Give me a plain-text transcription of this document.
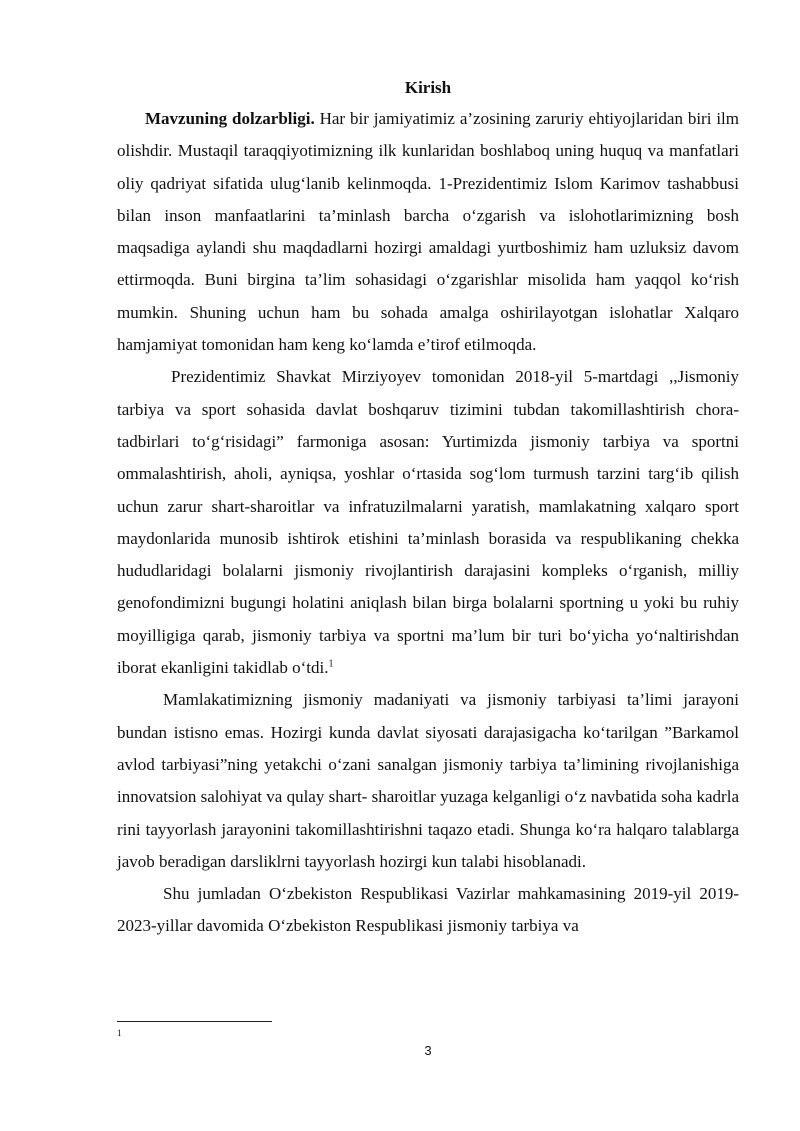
Kirish

Mavzuning dolzarbligi. Har bir jamiyatimiz a’zosining zaruriy ehtiyojlaridan biri ilm olishdir. Mustaqil taraqqiyotimizning ilk kunlaridan boshlaboq uning huquq va manfatlari oliy qadriyat sifatida ulug‘lanib kelinmoqda. 1-Prezidentimiz Islom Karimov tashabbusi bilan inson manfaatlarini ta’minlash barcha o‘zgarish va islohotlarimizning bosh maqsadiga aylandi shu maqdadlarni hozirgi amaldagi yurtboshimiz ham uzluksiz davom ettirmoqda. Buni birgina ta’lim sohasidagi o‘zgarishlar misolida ham yaqqol ko‘rish mumkin. Shuning uchun ham bu sohada amalga oshirilayotgan islohatlar Xalqaro hamjamiyat tomonidan ham keng ko‘lamda e’tirof etilmoqda.

Prezidentimiz Shavkat Mirziyoyev tomonidan 2018-yil 5-martdagi ,,Jismoniy tarbiya va sport sohasida davlat boshqaruv tizimini tubdan takomillashtirish chora-tadbirlari to‘g‘risidagi” farmoniga asosan: Yurtimizda jismoniy tarbiya va sportni ommalashtirish, aholi, ayniqsa, yoshlar o‘rtasida sog‘lom turmush tarzini targ‘ib qilish uchun zarur shart-sharoitlar va infratuzilmalarni yaratish, mamlakatning xalqaro sport maydonlarida munosib ishtirok etishini ta’minlash borasida va respublikaning chekka hududlaridagi bolalarni jismoniy rivojlantirish darajasini kompleks o‘rganish, milliy genofondimizni bugungi holatini aniqlash bilan birga bolalarni sportning u yoki bu ruhiy moyilligiga qarab, jismoniy tarbiya va sportni ma’lum bir turi bo‘yicha yo‘naltirishdan iborat ekanligini takidlab o‘tdi.$^1$

Mamlakatimizning jismoniy madaniyati va jismoniy tarbiyasi ta’limi jarayoni bundan istisno emas. Hozirgi kunda davlat siyosati darajasigacha ko‘tarilgan ”Barkamol avlod tarbiyasi”ning yetakchi o‘zani sanalgan jismoniy tarbiya ta’limining rivojlanishiga innovatsion salohiyat va qulay shart- sharoitlar yuzaga kelganligi o‘z navbatida soha kadrla rini tayyorlash jarayonini takomillashtirishni taqazo etadi. Shunga ko‘ra halqaro talablarga javob beradigan darsliklrni tayyorlash hozirgi kun talabi hisoblanadi.

Shu jumladan O‘zbekiston Respublikasi Vazirlar mahkamasining 2019-yil 2019-2023-yillar davomida O‘zbekiston Respublikasi jismoniy tarbiya va

1
3
